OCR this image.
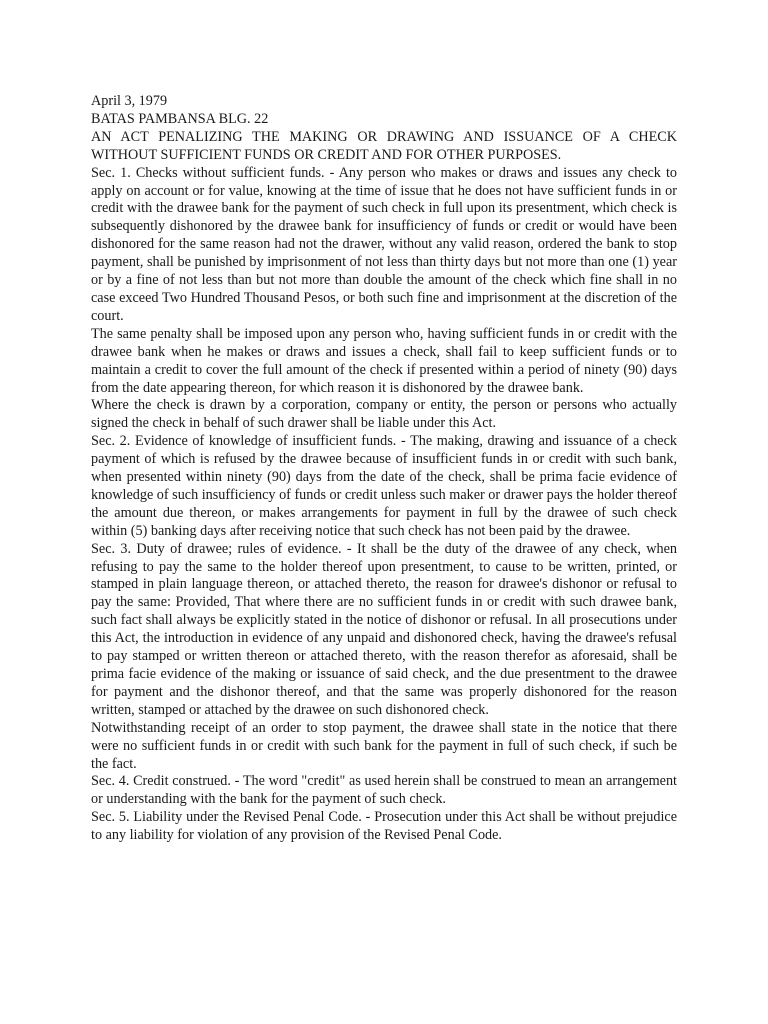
April 3, 1979

BATAS PAMBANSA BLG. 22

AN ACT PENALIZING THE MAKING OR DRAWING AND ISSUANCE OF A CHECK WITHOUT SUFFICIENT FUNDS OR CREDIT AND FOR OTHER PURPOSES.

Sec. 1. Checks without sufficient funds. - Any person who makes or draws and issues any check to apply on account or for value, knowing at the time of issue that he does not have sufficient funds in or credit with the drawee bank for the payment of such check in full upon its presentment, which check is subsequently dishonored by the drawee bank for insufficiency of funds or credit or would have been dishonored for the same reason had not the drawer, without any valid reason, ordered the bank to stop payment, shall be punished by imprisonment of not less than thirty days but not more than one (1) year or by a fine of not less than but not more than double the amount of the check which fine shall in no case exceed Two Hundred Thousand Pesos, or both such fine and imprisonment at the discretion of the court.

The same penalty shall be imposed upon any person who, having sufficient funds in or credit with the drawee bank when he makes or draws and issues a check, shall fail to keep sufficient funds or to maintain a credit to cover the full amount of the check if presented within a period of ninety (90) days from the date appearing thereon, for which reason it is dishonored by the drawee bank.

Where the check is drawn by a corporation, company or entity, the person or persons who actually signed the check in behalf of such drawer shall be liable under this Act.

Sec. 2. Evidence of knowledge of insufficient funds. - The making, drawing and issuance of a check payment of which is refused by the drawee because of insufficient funds in or credit with such bank, when presented within ninety (90) days from the date of the check, shall be prima facie evidence of knowledge of such insufficiency of funds or credit unless such maker or drawer pays the holder thereof the amount due thereon, or makes arrangements for payment in full by the drawee of such check within (5) banking days after receiving notice that such check has not been paid by the drawee.

Sec. 3. Duty of drawee; rules of evidence. - It shall be the duty of the drawee of any check, when refusing to pay the same to the holder thereof upon presentment, to cause to be written, printed, or stamped in plain language thereon, or attached thereto, the reason for drawee's dishonor or refusal to pay the same: Provided, That where there are no sufficient funds in or credit with such drawee bank, such fact shall always be explicitly stated in the notice of dishonor or refusal. In all prosecutions under this Act, the introduction in evidence of any unpaid and dishonored check, having the drawee's refusal to pay stamped or written thereon or attached thereto, with the reason therefor as aforesaid, shall be prima facie evidence of the making or issuance of said check, and the due presentment to the drawee for payment and the dishonor thereof, and that the same was properly dishonored for the reason written, stamped or attached by the drawee on such dishonored check.

Notwithstanding receipt of an order to stop payment, the drawee shall state in the notice that there were no sufficient funds in or credit with such bank for the payment in full of such check, if such be the fact.

Sec. 4. Credit construed. - The word "credit" as used herein shall be construed to mean an arrangement or understanding with the bank for the payment of such check.

Sec. 5. Liability under the Revised Penal Code. - Prosecution under this Act shall be without prejudice to any liability for violation of any provision of the Revised Penal Code.
